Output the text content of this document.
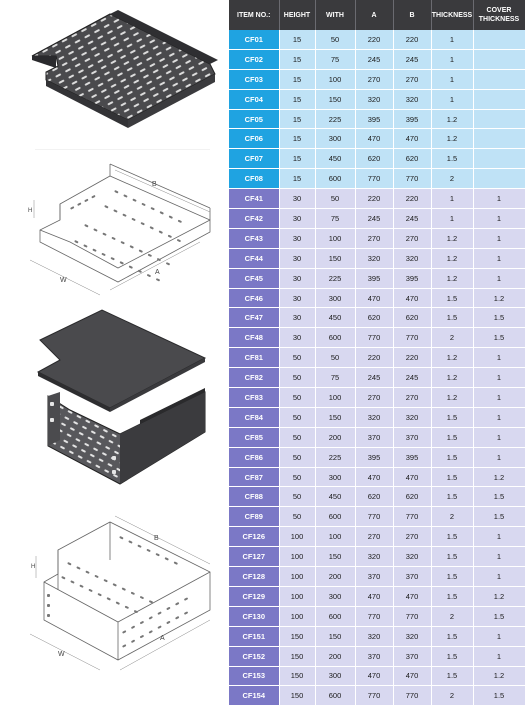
B
H
W
A
B
H
W
A
ITEM NO.:	HEIGHT	WITH	A	B	THICKNESS	COVER THICKNESS
CF01	15	50	220	220	1	
CF02	15	75	245	245	1	
CF03	15	100	270	270	1	
CF04	15	150	320	320	1	
CF05	15	225	395	395	1.2	
CF06	15	300	470	470	1.2	
CF07	15	450	620	620	1.5	
CF08	15	600	770	770	2	
CF41	30	50	220	220	1	1
CF42	30	75	245	245	1	1
CF43	30	100	270	270	1.2	1
CF44	30	150	320	320	1.2	1
CF45	30	225	395	395	1.2	1
CF46	30	300	470	470	1.5	1.2
CF47	30	450	620	620	1.5	1.5
CF48	30	600	770	770	2	1.5
CF81	50	50	220	220	1.2	1
CF82	50	75	245	245	1.2	1
CF83	50	100	270	270	1.2	1
CF84	50	150	320	320	1.5	1
CF85	50	200	370	370	1.5	1
CF86	50	225	395	395	1.5	1
CF87	50	300	470	470	1.5	1.2
CF88	50	450	620	620	1.5	1.5
CF89	50	600	770	770	2	1.5
CF126	100	100	270	270	1.5	1
CF127	100	150	320	320	1.5	1
CF128	100	200	370	370	1.5	1
CF129	100	300	470	470	1.5	1.2
CF130	100	600	770	770	2	1.5
CF151	150	150	320	320	1.5	1
CF152	150	200	370	370	1.5	1
CF153	150	300	470	470	1.5	1.2
CF154	150	600	770	770	2	1.5
